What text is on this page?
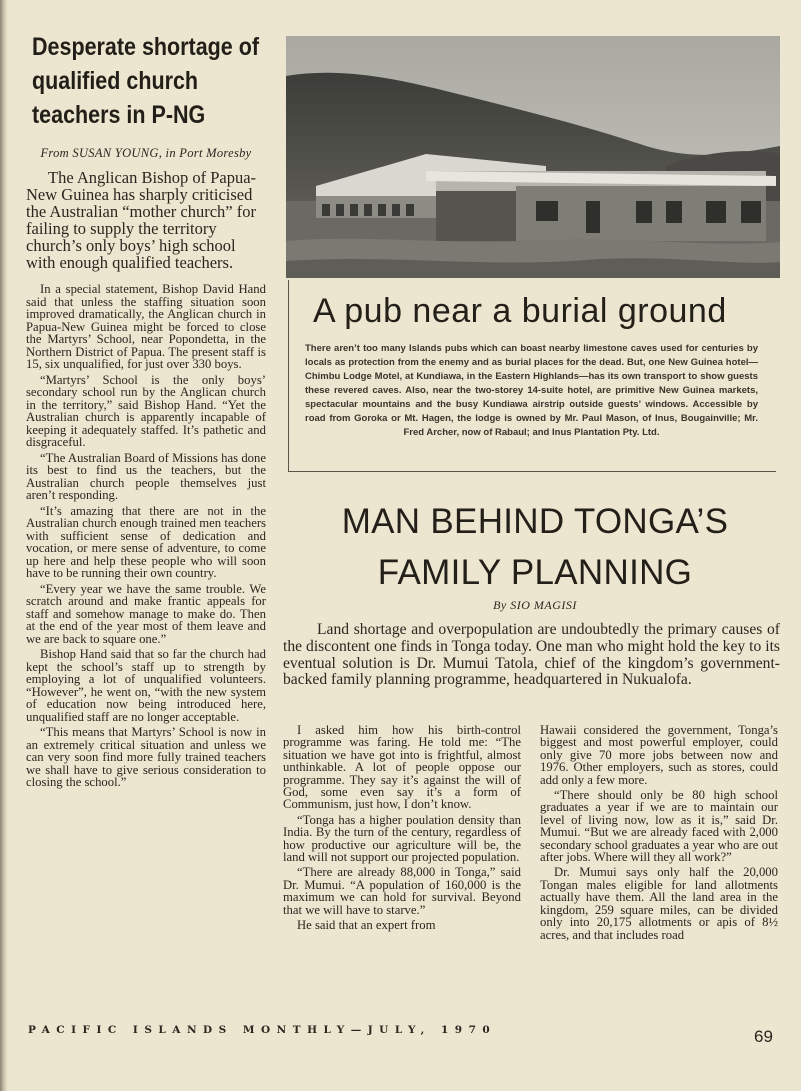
Desperate shortage of qualified church teachers in P-NG
From SUSAN YOUNG, in Port Moresby

The Anglican Bishop of Papua-New Guinea has sharply criticised the Australian “mother church” for failing to supply the territory church’s only boys’ high school with enough qualified teachers.

In a special statement, Bishop David Hand said that unless the staffing situation soon improved dramatically, the Anglican church in Papua-New Guinea might be forced to close the Martyrs’ School, near Popondetta, in the Northern District of Papua. The present staff is 15, six unqualified, for just over 330 boys.

“Martyrs’ School is the only boys’ secondary school run by the Anglican church in the territory,” said Bishop Hand. “Yet the Australian church is apparently incapable of keeping it adequately staffed. It’s pathetic and disgraceful.

“The Australian Board of Missions has done its best to find us the teachers, but the Australian church people themselves just aren’t responding.

“It’s amazing that there are not in the Australian church enough trained men teachers with sufficient sense of dedication and vocation, or mere sense of adventure, to come up here and help these people who will soon have to be running their own country.

“Every year we have the same trouble. We scratch around and make frantic appeals for staff and somehow manage to make do. Then at the end of the year most of them leave and we are back to square one.”

Bishop Hand said that so far the church had kept the school’s staff up to strength by employing a lot of unqualified volunteers. “However”, he went on, “with the new system of education now being introduced here, unqualified staff are no longer acceptable.

“This means that Martyrs’ School is now in an extremely critical situation and unless we can very soon find more fully trained teachers we shall have to give serious consideration to closing the school.”

A pub near a burial ground

There aren’t too many Islands pubs which can boast nearby limestone caves used for centuries by locals as protection from the enemy and as burial places for the dead. But, one New Guinea hotel—Chimbu Lodge Motel, at Kundiawa, in the Eastern Highlands—has its own transport to show guests these revered caves. Also, near the two-storey 14-suite hotel, are primitive New Guinea markets, spectacular mountains and the busy Kundiawa airstrip outside guests’ windows. Accessible by road from Goroka or Mt. Hagen, the lodge is owned by Mr. Paul Mason, of Inus, Bougainville; Mr. Fred Archer, now of Rabaul; and Inus Plantation Pty. Ltd.

MAN BEHIND TONGA’S
FAMILY PLANNING
By SIO MAGISI

Land shortage and overpopulation are undoubtedly the primary causes of the discontent one finds in Tonga today. One man who might hold the key to its eventual solution is Dr. Mumui Tatola, chief of the kingdom’s government-backed family planning programme, headquartered in Nukualofa.

I asked him how his birth-control programme was faring. He told me: “The situation we have got into is frightful, almost unthinkable. A lot of people oppose our programme. They say it’s against the will of God, some even say it’s a form of Communism, just how, I don’t know.

“Tonga has a higher poulation density than India. By the turn of the century, regardless of how productive our agriculture will be, the land will not support our projected population.

“There are already 88,000 in Tonga,” said Dr. Mumui. “A population of 160,000 is the maximum we can hold for survival. Beyond that we will have to starve.”

He said that an expert from

Hawaii considered the government, Tonga’s biggest and most powerful employer, could only give 70 more jobs between now and 1976. Other employers, such as stores, could add only a few more.

“There should only be 80 high school graduates a year if we are to maintain our level of living now, low as it is,” said Dr. Mumui. “But we are already faced with 2,000 secondary school graduates a year who are out after jobs. Where will they all work?”

Dr. Mumui says only half the 20,000 Tongan males eligible for land allotments actually have them. All the land area in the kingdom, 259 square miles, can be divided only into 20,175 allotments or apis of 8½ acres, and that includes road

PACIFIC ISLANDS MONTHLY—JULY, 1970	69
